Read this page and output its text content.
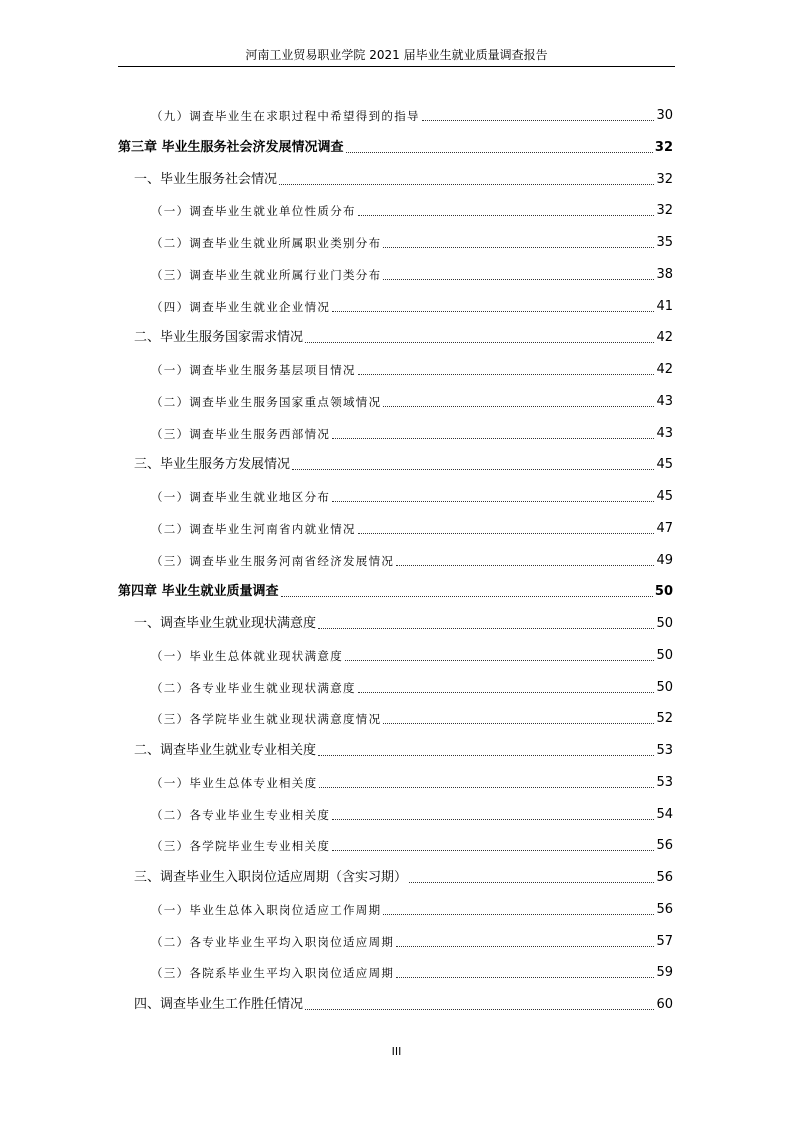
河南工业贸易职业学院 2021 届毕业生就业质量调查报告
（九）调查毕业生在求职过程中希望得到的指导	30
第三章 毕业生服务社会济发展情况调查	32
一、毕业生服务社会情况	32
（一）调查毕业生就业单位性质分布	32
（二）调查毕业生就业所属职业类别分布	35
（三）调查毕业生就业所属行业门类分布	38
（四）调查毕业生就业企业情况	41
二、毕业生服务国家需求情况	42
（一）调查毕业生服务基层项目情况	42
（二）调查毕业生服务国家重点领域情况	43
（三）调查毕业生服务西部情况	43
三、毕业生服务方发展情况	45
（一）调查毕业生就业地区分布	45
（二）调查毕业生河南省内就业情况	47
（三）调查毕业生服务河南省经济发展情况	49
第四章 毕业生就业质量调查	50
一、调查毕业生就业现状满意度	50
（一）毕业生总体就业现状满意度	50
（二）各专业毕业生就业现状满意度	50
（三）各学院毕业生就业现状满意度情况	52
二、调查毕业生就业专业相关度	53
（一）毕业生总体专业相关度	53
（二）各专业毕业生专业相关度	54
（三）各学院毕业生专业相关度	56
三、调查毕业生入职岗位适应周期（含实习期）	56
（一）毕业生总体入职岗位适应工作周期	56
（二）各专业毕业生平均入职岗位适应周期	57
（三）各院系毕业生平均入职岗位适应周期	59
四、调查毕业生工作胜任情况	60
III
